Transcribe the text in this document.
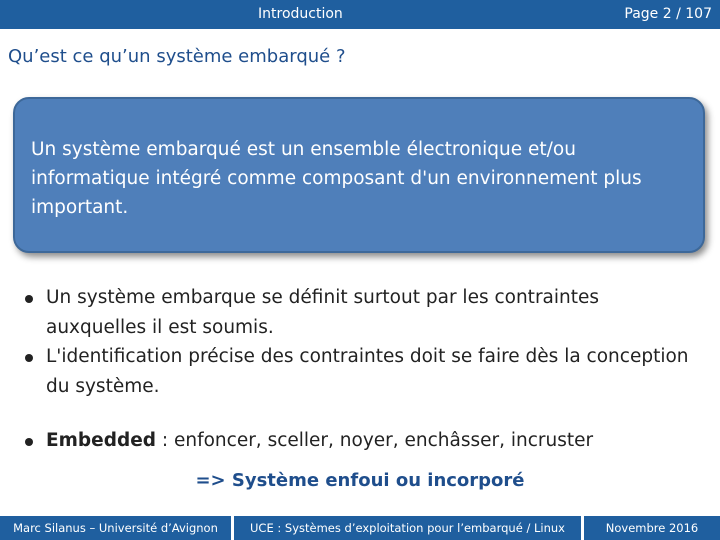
Introduction	Page 2 / 107
Qu’est ce qu’un système embarqué ?
Un système embarqué est un ensemble électronique et/ou informatique intégré comme composant d'un environnement plus important.
Un système embarque se définit surtout par les contraintes auxquelles il est soumis.
L'identification précise des contraintes doit se faire dès la conception du système.
Embedded : enfoncer, sceller, noyer, enchâsser, incruster
=> Système enfoui ou incorporé
Marc Silanus – Université d’Avignon	UCE : Systèmes d’exploitation pour l’embarqué / Linux	Novembre 2016
